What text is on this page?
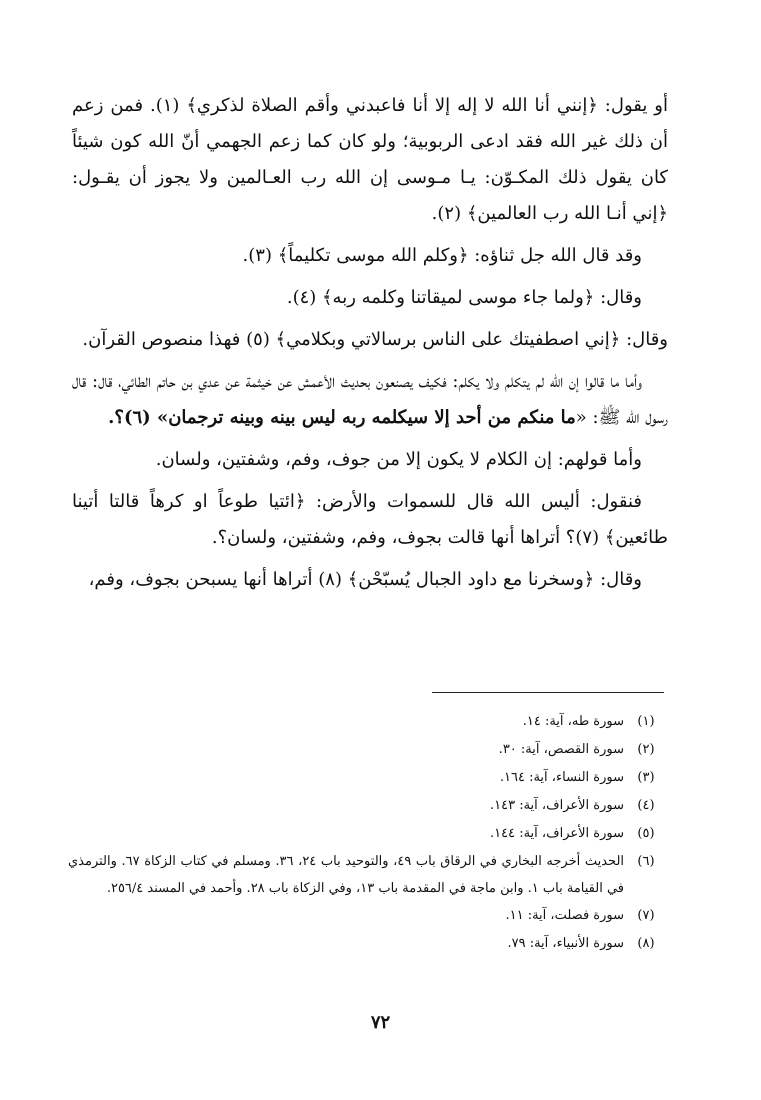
أو يقول: ﴿إنني أنا الله لا إله إلا أنا فاعبدني وأقم الصلاة لذكري﴾ (١). فمن زعم أن ذلك غير الله فقد ادعى الربوبية؛ ولو كان كما زعم الجهمي أنّ الله كون شيئاً كان يقول ذلك المكـوّن: يـا مـوسى إن الله رب العـالمين ولا يجوز أن يقـول: ﴿إني أنـا الله رب العالمين﴾ (٢).

وقد قال الله جل ثناؤه: ﴿وكلم الله موسى تكليماً﴾ (٣).

وقال: ﴿ولما جاء موسى لميقاتنا وكلمه ربه﴾ (٤).

وقال: ﴿إني اصطفيتك على الناس برسالاتي وبكلامي﴾ (٥) فهذا منصوص القرآن.

وأما ما قالوا إن الله لم يتكلم ولا يكلم: فكيف يصنعون بحديث الأعمش عن خيثمة عن عدي بن حاتم الطائي، قال: قال رسول الله ﷺ: «ما منكم من أحد إلا سيكلمه ربه ليس بينه وبينه ترجمان» (٦)؟.

وأما قولهم: إن الكلام لا يكون إلا من جوف، وفم، وشفتين، ولسان.

فنقول: أليس الله قال للسموات والأرض: ﴿ائتيا طوعاً او كرهاً قالتا أتينا طائعين﴾ (٧)؟ أتراها أنها قالت بجوف، وفم، وشفتين، ولسان؟.

وقال: ﴿وسخرنا مع داود الجبال يُسبّحْن﴾ (٨) أتراها أنها يسبحن بجوف، وفم،

(١)
سورة طه، آية: ١٤.
(٢)
سورة القصص، آية: ٣٠.
(٣)
سورة النساء، آية: ١٦٤.
(٤)
سورة الأعراف، آية: ١٤٣.
(٥)
سورة الأعراف، آية: ١٤٤.
(٦)
الحديث أخرجه البخاري في الرقاق باب ٤٩، والتوحيد باب ٢٤، ٣٦. ومسلم في كتاب الزكاة ٦٧. والترمذي في القيامة باب ١. وابن ماجة في المقدمة باب ١٣، وفي الزكاة باب ٢٨. وأحمد في المسند ٢٥٦/٤.
(٧)
سورة فصلت، آية: ١١.
(٨)
سورة الأنبياء، آية: ٧٩.
٧٢
